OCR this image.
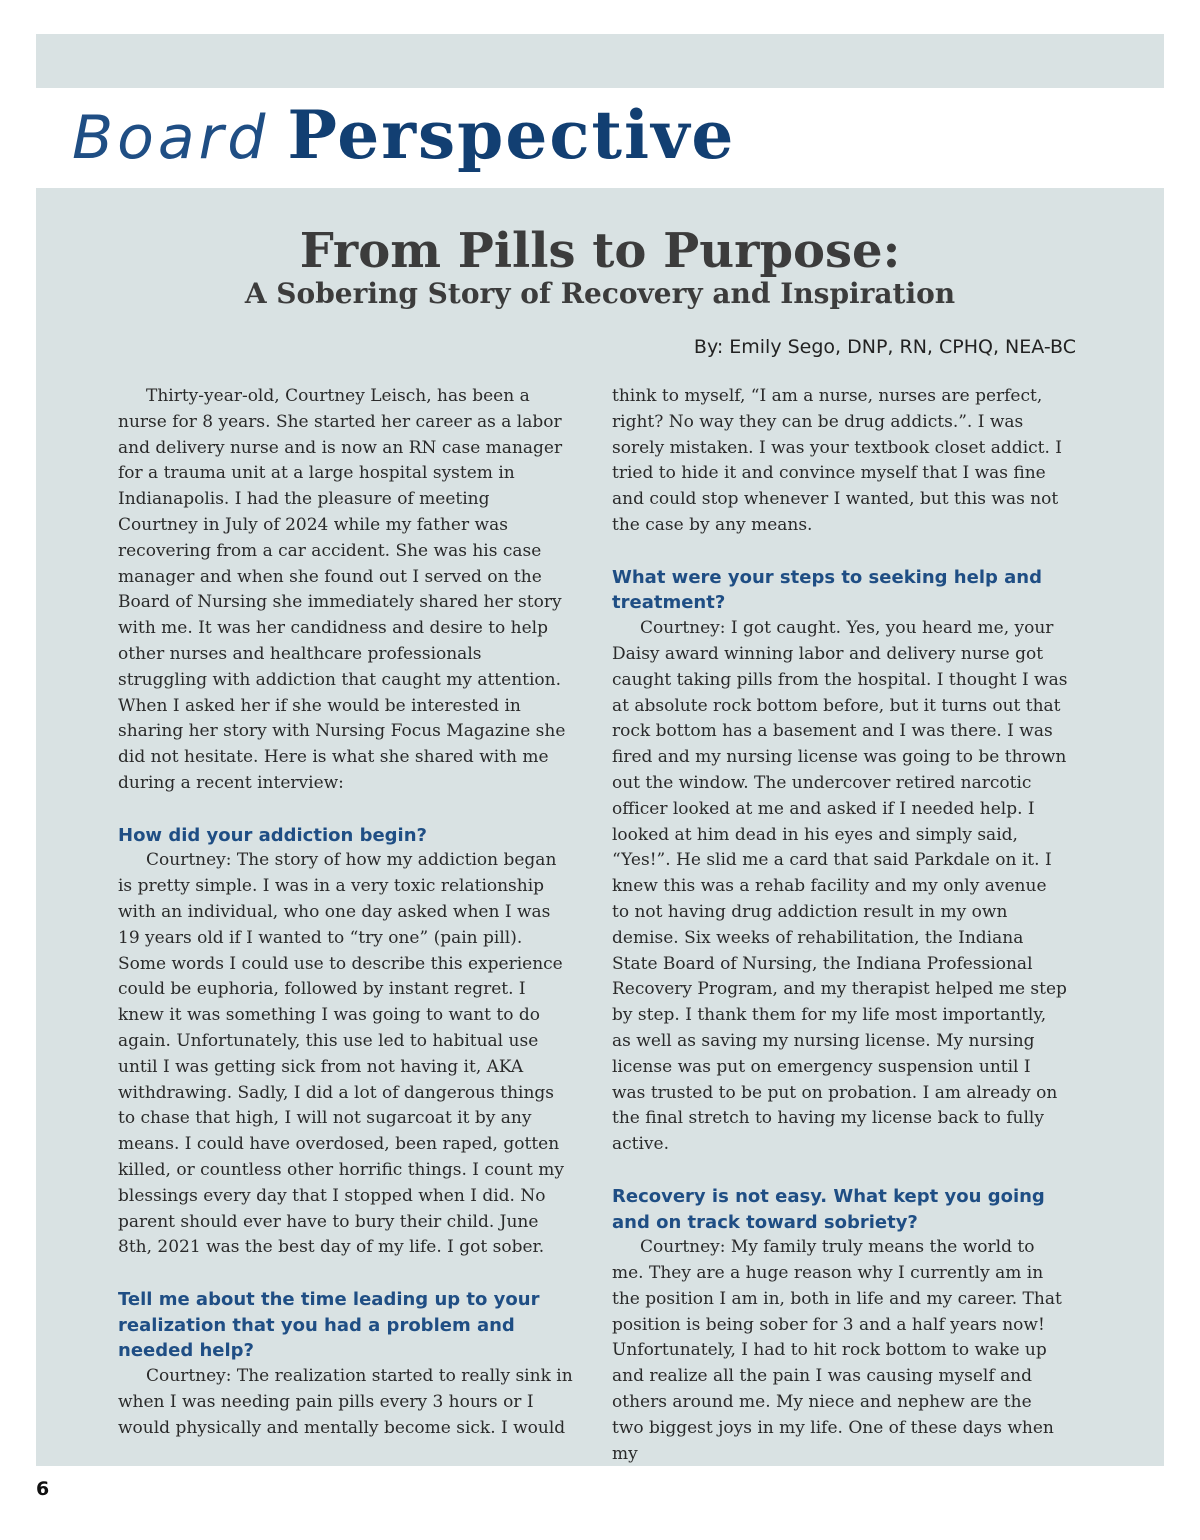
Board Perspective
From Pills to Purpose:
A Sobering Story of Recovery and Inspiration
By: Emily Sego, DNP, RN, CPHQ, NEA-BC

Thirty-year-old, Courtney Leisch, has been a nurse for 8 years. She started her career as a labor and delivery nurse and is now an RN case manager for a trauma unit at a large hospital system in Indianapolis. I had the pleasure of meeting Courtney in July of 2024 while my father was recovering from a car accident. She was his case manager and when she found out I served on the Board of Nursing she immediately shared her story with me. It was her candidness and desire to help other nurses and healthcare professionals struggling with addiction that caught my attention. When I asked her if she would be interested in sharing her story with Nursing Focus Magazine she did not hesitate. Here is what she shared with me during a recent interview:

How did your addiction begin?

Courtney: The story of how my addiction began is pretty simple. I was in a very toxic relationship with an individual, who one day asked when I was 19 years old if I wanted to “try one” (pain pill). Some words I could use to describe this experience could be euphoria, followed by instant regret. I knew it was something I was going to want to do again. Unfortunately, this use led to habitual use until I was getting sick from not having it, AKA withdrawing. Sadly, I did a lot of dangerous things to chase that high, I will not sugarcoat it by any means. I could have overdosed, been raped, gotten killed, or countless other horrific things. I count my blessings every day that I stopped when I did. No parent should ever have to bury their child. June 8th, 2021 was the best day of my life. I got sober.

Tell me about the time leading up to your realization that you had a problem and needed help?

Courtney: The realization started to really sink in when I was needing pain pills every 3 hours or I would physically and mentally become sick. I would

think to myself, “I am a nurse, nurses are perfect, right? No way they can be drug addicts.”. I was sorely mistaken. I was your textbook closet addict. I tried to hide it and convince myself that I was fine and could stop whenever I wanted, but this was not the case by any means.

What were your steps to seeking help and treatment?

Courtney: I got caught. Yes, you heard me, your Daisy award winning labor and delivery nurse got caught taking pills from the hospital. I thought I was at absolute rock bottom before, but it turns out that rock bottom has a basement and I was there. I was fired and my nursing license was going to be thrown out the window. The undercover retired narcotic officer looked at me and asked if I needed help. I looked at him dead in his eyes and simply said, “Yes!”. He slid me a card that said Parkdale on it. I knew this was a rehab facility and my only avenue to not having drug addiction result in my own demise. Six weeks of rehabilitation, the Indiana State Board of Nursing, the Indiana Professional Recovery Program, and my therapist helped me step by step. I thank them for my life most importantly, as well as saving my nursing license. My nursing license was put on emergency suspension until I was trusted to be put on probation. I am already on the final stretch to having my license back to fully active.

Recovery is not easy. What kept you going and on track toward sobriety?

Courtney: My family truly means the world to me. They are a huge reason why I currently am in the position I am in, both in life and my career. That position is being sober for 3 and a half years now! Unfortunately, I had to hit rock bottom to wake up and realize all the pain I was causing myself and others around me. My niece and nephew are the two biggest joys in my life. One of these days when my

6
